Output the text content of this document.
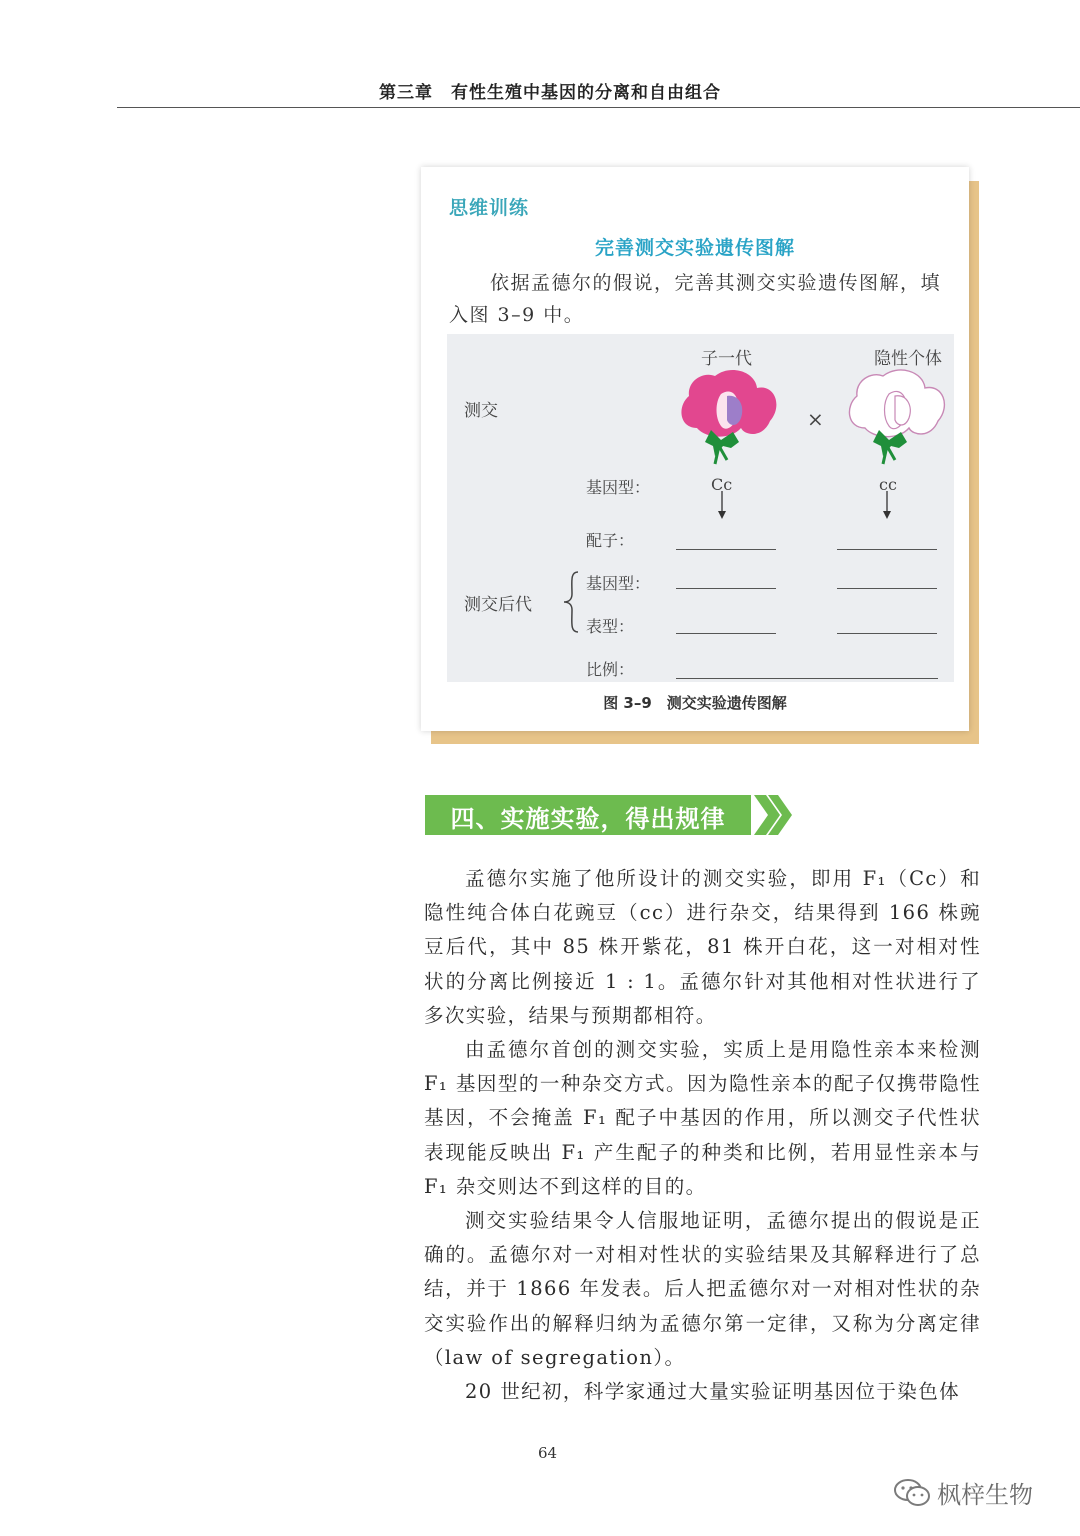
第三章　有性生殖中基因的分离和自由组合
思维训练
完善测交实验遗传图解
依据孟德尔的假说，完善其测交实验遗传图解，填入图 3–9 中。
子一代	隐性个体
测交	×
基因型：	Cc	cc
配子：
测交后代
基因型：
表型：
比例：
图 3–9　测交实验遗传图解
四、实施实验，得出规律

孟德尔实施了他所设计的测交实验，即用 F₁（Cc）和隐性纯合体白花豌豆（cc）进行杂交，结果得到 166 株豌豆后代，其中 85 株开紫花，81 株开白花，这一对相对性状的分离比例接近 1 : 1。孟德尔针对其他相对性状进行了多次实验，结果与预期都相符。

由孟德尔首创的测交实验，实质上是用隐性亲本来检测 F₁ 基因型的一种杂交方式。因为隐性亲本的配子仅携带隐性基因，不会掩盖 F₁ 配子中基因的作用，所以测交子代性状表现能反映出 F₁ 产生配子的种类和比例，若用显性亲本与 F₁ 杂交则达不到这样的目的。

测交实验结果令人信服地证明，孟德尔提出的假说是正确的。孟德尔对一对相对性状的实验结果及其解释进行了总结，并于 1866 年发表。后人把孟德尔对一对相对性状的杂交实验作出的解释归纳为孟德尔第一定律，又称为分离定律（law of segregation）。

20 世纪初，科学家通过大量实验证明基因位于染色体

64
枫梓生物
